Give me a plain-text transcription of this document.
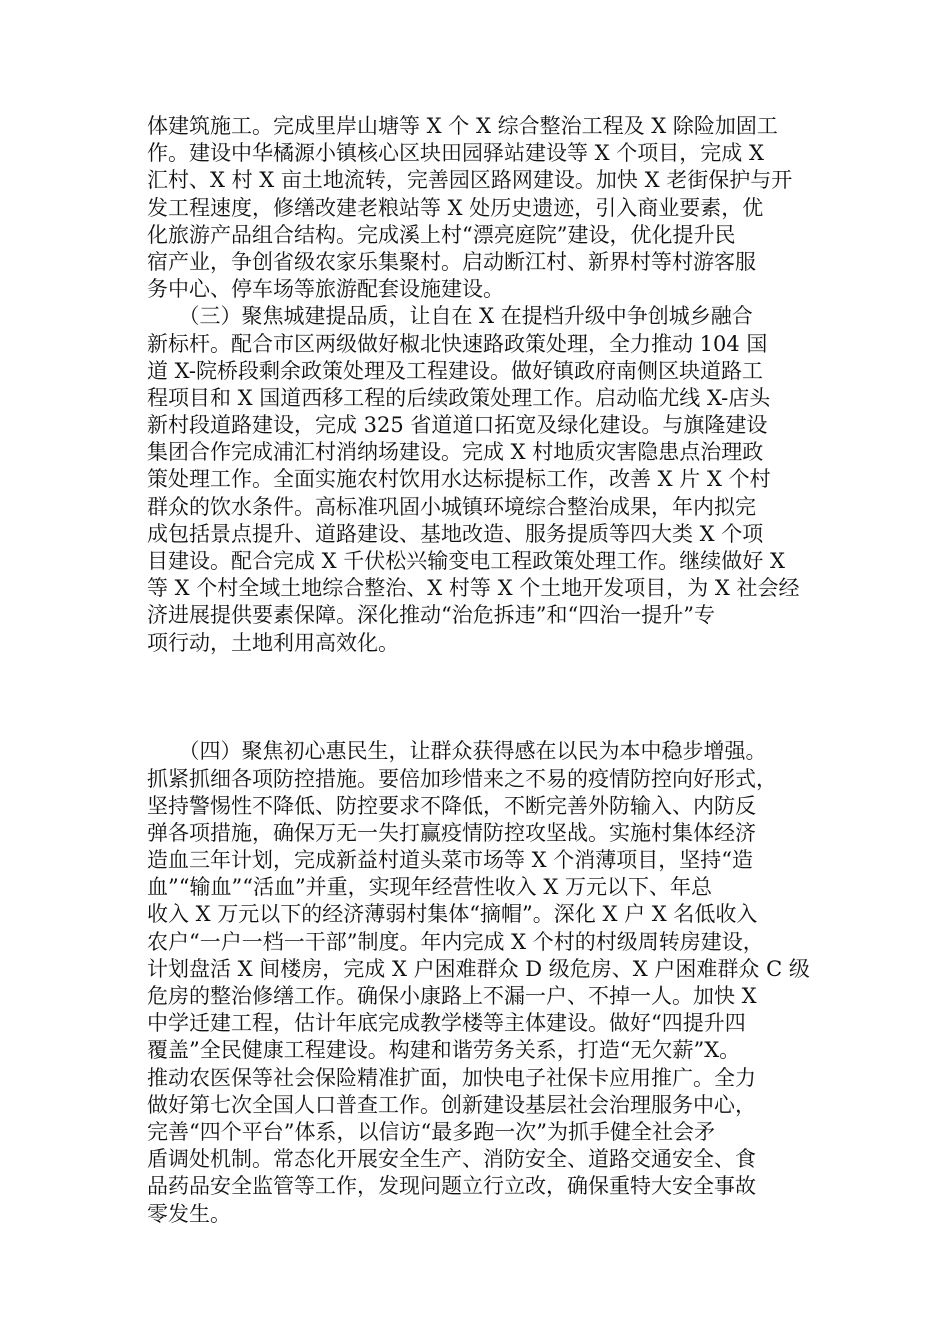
体建筑施工。完成里岸山塘等 X 个 X 综合整治工程及 X 除险加固工
作。建设中华橘源小镇核心区块田园驿站建设等 X 个项目，完成 X
汇村、X 村 X 亩土地流转，完善园区路网建设。加快 X 老街保护与开
发工程速度，修缮改建老粮站等 X 处历史遗迹，引入商业要素，优
化旅游产品组合结构。完成溪上村“漂亮庭院”建设，优化提升民
宿产业，争创省级农家乐集聚村。启动断江村、新界村等村游客服
务中心、停车场等旅游配套设施建设。
　　（三）聚焦城建提品质，让自在 X 在提档升级中争创城乡融合
新标杆。配合市区两级做好椒北快速路政策处理，全力推动 104 国
道 X-院桥段剩余政策处理及工程建设。做好镇政府南侧区块道路工
程项目和 X 国道西移工程的后续政策处理工作。启动临尤线 X-店头
新村段道路建设，完成 325 省道道口拓宽及绿化建设。与旗隆建设
集团合作完成浦汇村消纳场建设。完成 X 村地质灾害隐患点治理政
策处理工作。全面实施农村饮用水达标提标工作，改善 X 片 X 个村
群众的饮水条件。高标准巩固小城镇环境综合整治成果，年内拟完
成包括景点提升、道路建设、基地改造、服务提质等四大类 X 个项
目建设。配合完成 X 千伏松兴输变电工程政策处理工作。继续做好 X
等 X 个村全域土地综合整治、X 村等 X 个土地开发项目，为 X 社会经
济进展提供要素保障。深化推动“治危拆违”和“四治一提升”专
项行动，土地利用高效化。
　　（四）聚焦初心惠民生，让群众获得感在以民为本中稳步增强。
抓紧抓细各项防控措施。要倍加珍惜来之不易的疫情防控向好形式，
坚持警惕性不降低、防控要求不降低，不断完善外防输入、内防反
弹各项措施，确保万无一失打赢疫情防控攻坚战。实施村集体经济
造血三年计划，完成新益村道头菜市场等 X 个消薄项目，坚持“造
血”“输血”“活血”并重，实现年经营性收入 X 万元以下、年总
收入 X 万元以下的经济薄弱村集体“摘帽”。深化 X 户 X 名低收入
农户“一户一档一干部”制度。年内完成 X 个村的村级周转房建设，
计划盘活 X 间楼房，完成 X 户困难群众 D 级危房、X 户困难群众 C 级
危房的整治修缮工作。确保小康路上不漏一户、不掉一人。加快 X
中学迁建工程，估计年底完成教学楼等主体建设。做好“四提升四
覆盖”全民健康工程建设。构建和谐劳务关系，打造“无欠薪”X。
推动农医保等社会保险精准扩面，加快电子社保卡应用推广。全力
做好第七次全国人口普查工作。创新建设基层社会治理服务中心，
完善“四个平台”体系，以信访“最多跑一次”为抓手健全社会矛
盾调处机制。常态化开展安全生产、消防安全、道路交通安全、食
品药品安全监管等工作，发现问题立行立改，确保重特大安全事故
零发生。
